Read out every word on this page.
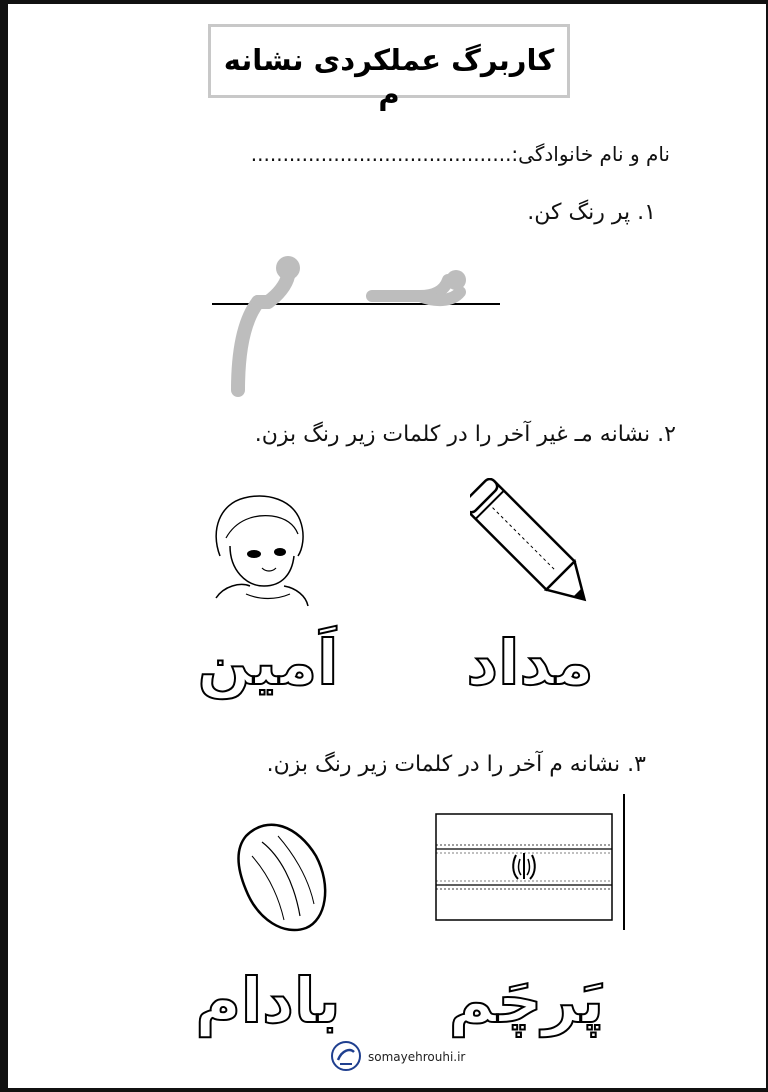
کاربرگ عملکردی نشانه م
نام و نام خانوادگی:.........................................
۱. پر رنگ کن.
۲. نشانه مـ غیر آخر را در کلمات زیر رنگ بزن.
اَمین مداد
۳. نشانه م آخر را در کلمات زیر رنگ بزن.
بادام پَرچَم
somayehrouhi.ir
